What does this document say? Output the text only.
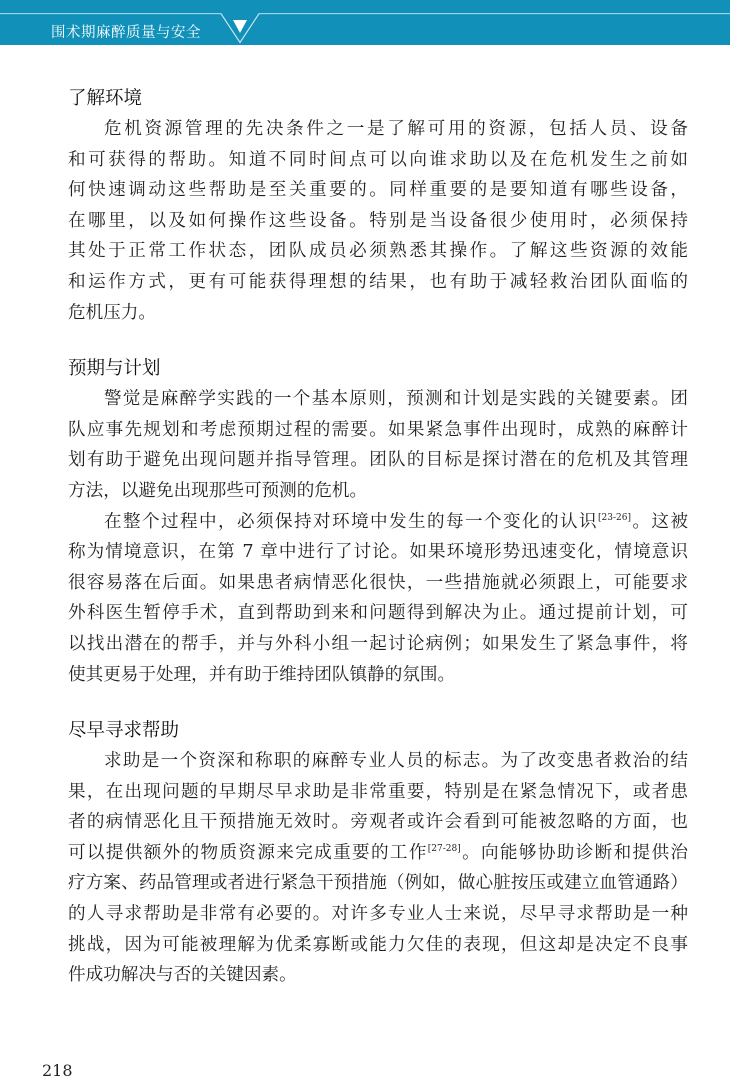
围术期麻醉质量与安全
了解环境
危机资源管理的先决条件之一是了解可用的资源，包括人员、设备
和可获得的帮助。知道不同时间点可以向谁求助以及在危机发生之前如
何快速调动这些帮助是至关重要的。同样重要的是要知道有哪些设备，
在哪里，以及如何操作这些设备。特别是当设备很少使用时，必须保持
其处于正常工作状态，团队成员必须熟悉其操作。了解这些资源的效能
和运作方式，更有可能获得理想的结果，也有助于减轻救治团队面临的
危机压力。
预期与计划
警觉是麻醉学实践的一个基本原则，预测和计划是实践的关键要素。团
队应事先规划和考虑预期过程的需要。如果紧急事件出现时，成熟的麻醉计
划有助于避免出现问题并指导管理。团队的目标是探讨潜在的危机及其管理
方法，以避免出现那些可预测的危机。
在整个过程中，必须保持对环境中发生的每一个变化的认识[23-26]。这被
称为情境意识，在第 7 章中进行了讨论。如果环境形势迅速变化，情境意识
很容易落在后面。如果患者病情恶化很快，一些措施就必须跟上，可能要求
外科医生暂停手术，直到帮助到来和问题得到解决为止。通过提前计划，可
以找出潜在的帮手，并与外科小组一起讨论病例；如果发生了紧急事件，将
使其更易于处理，并有助于维持团队镇静的氛围。
尽早寻求帮助
求助是一个资深和称职的麻醉专业人员的标志。为了改变患者救治的结
果，在出现问题的早期尽早求助是非常重要，特别是在紧急情况下，或者患
者的病情恶化且干预措施无效时。旁观者或许会看到可能被忽略的方面，也
可以提供额外的物质资源来完成重要的工作[27-28]。向能够协助诊断和提供治
疗方案、药品管理或者进行紧急干预措施（例如，做心脏按压或建立血管通路）
的人寻求帮助是非常有必要的。对许多专业人士来说，尽早寻求帮助是一种
挑战，因为可能被理解为优柔寡断或能力欠佳的表现，但这却是决定不良事
件成功解决与否的关键因素。
218
